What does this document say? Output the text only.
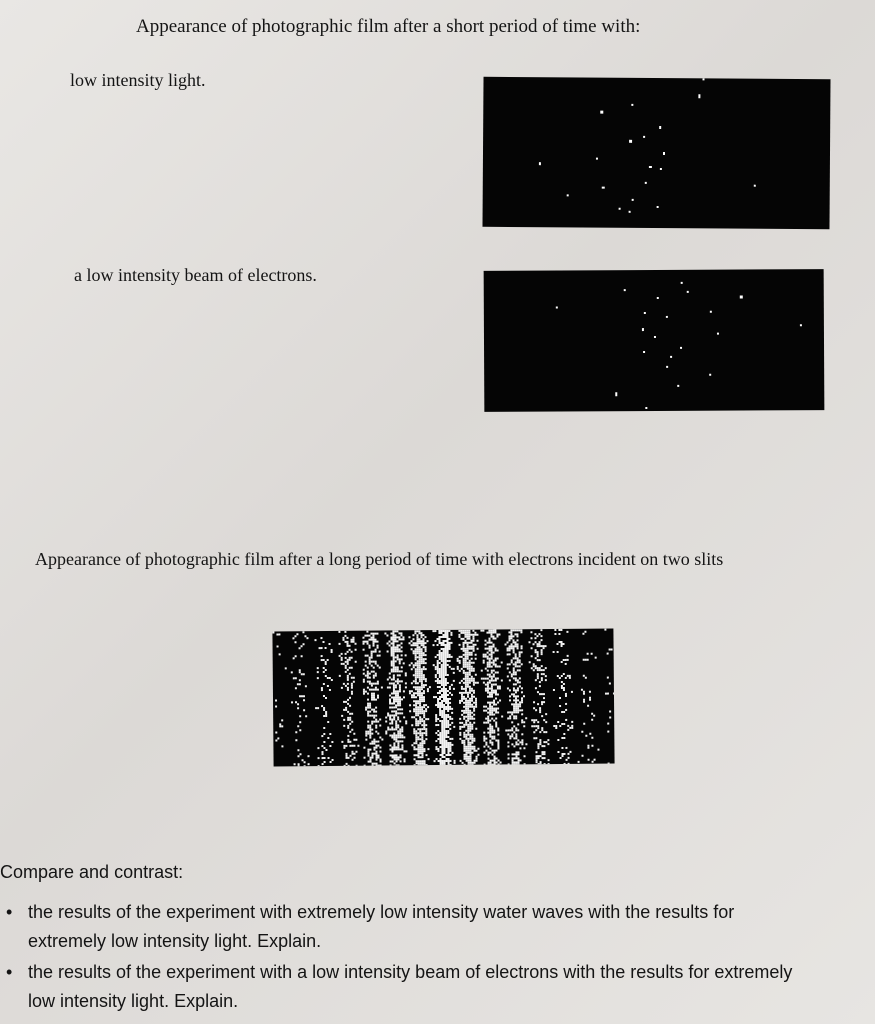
Appearance of photographic film after a short period of time with:
low intensity light.
a low intensity beam of electrons.
Appearance of photographic film after a long period of time with electrons incident on two slits
Compare and contrast:
• the results of the experiment with extremely low intensity water waves with the results for
extremely low intensity light. Explain.
• the results of the experiment with a low intensity beam of electrons with the results for extremely
low intensity light. Explain.
